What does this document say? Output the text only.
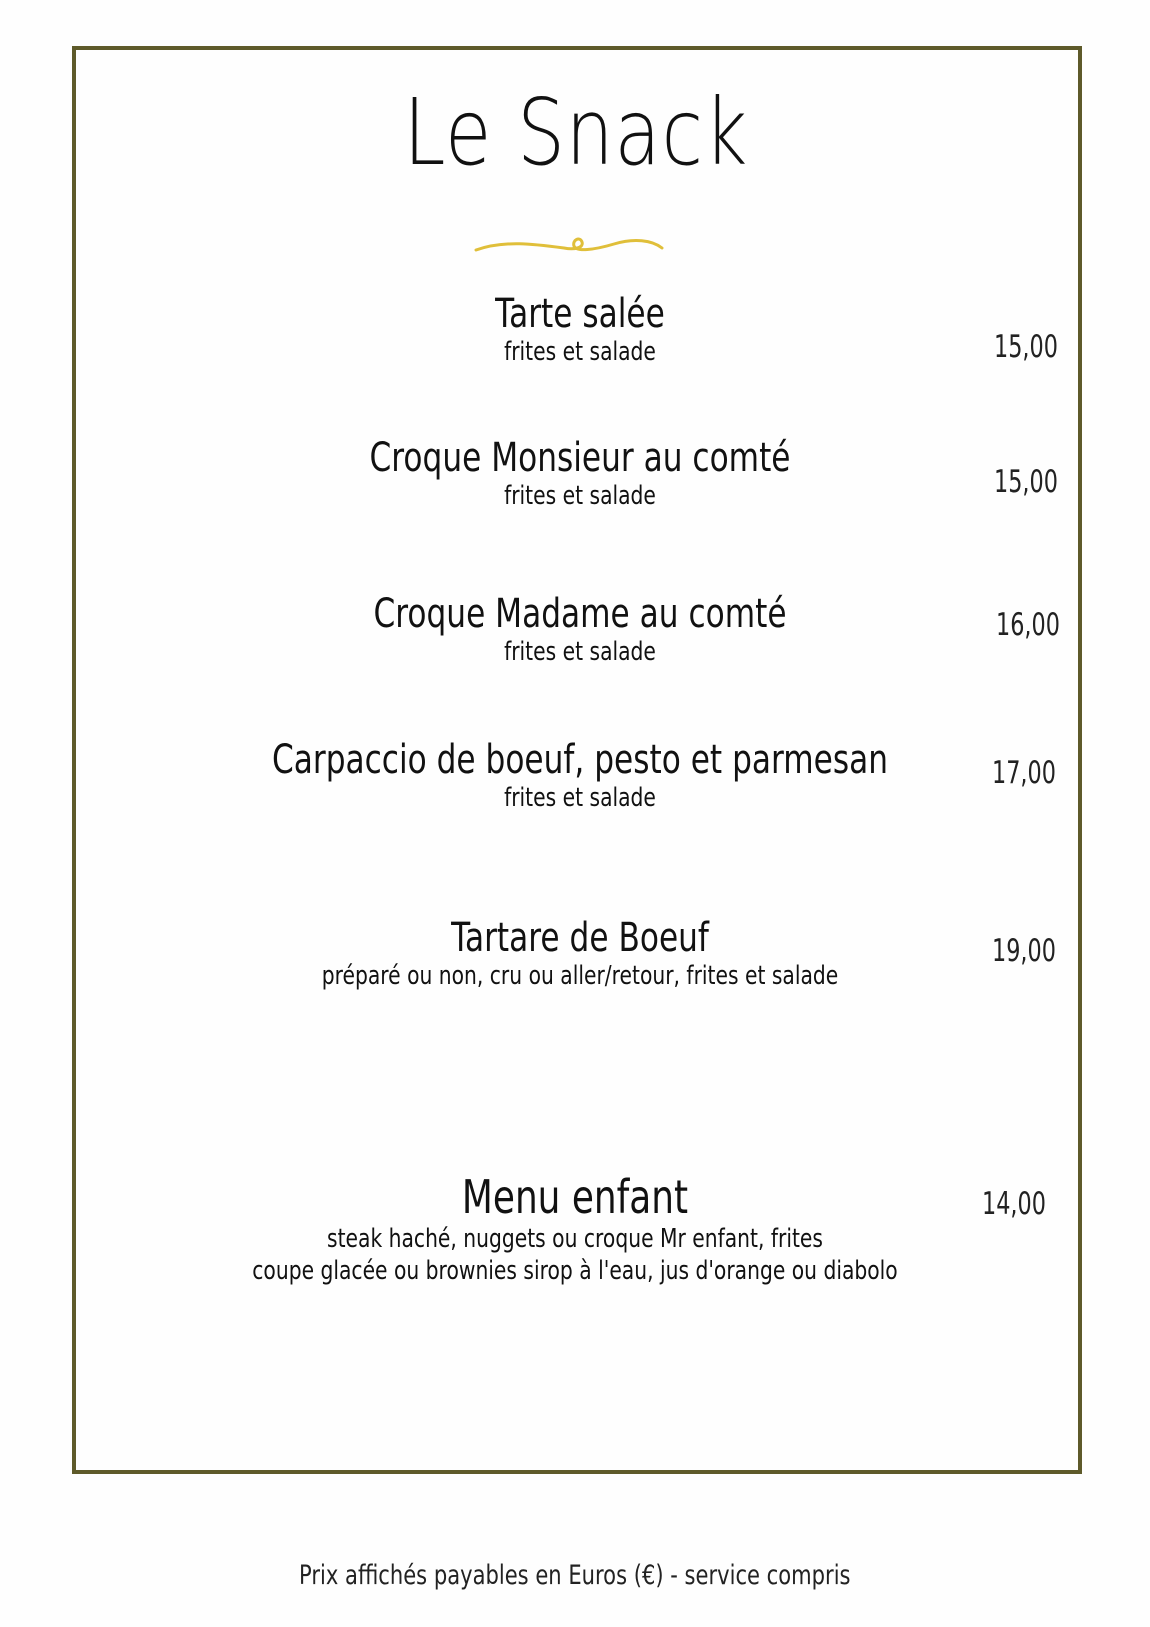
Le Snack
Tarte salée
frites et salade	15,00
Croque Monsieur au comté
frites et salade	15,00
Croque Madame au comté
frites et salade
16,00
Carpaccio de boeuf, pesto et parmesan
frites et salade
17,00
Tartare de Boeuf
préparé ou non, cru ou aller/retour, frites et salade
19,00
Menu enfant
steak haché, nuggets ou croque Mr enfant, frites
coupe glacée ou brownies sirop à l'eau, jus d'orange ou diabolo
14,00
Prix affichés payables en Euros (€) - service compris
